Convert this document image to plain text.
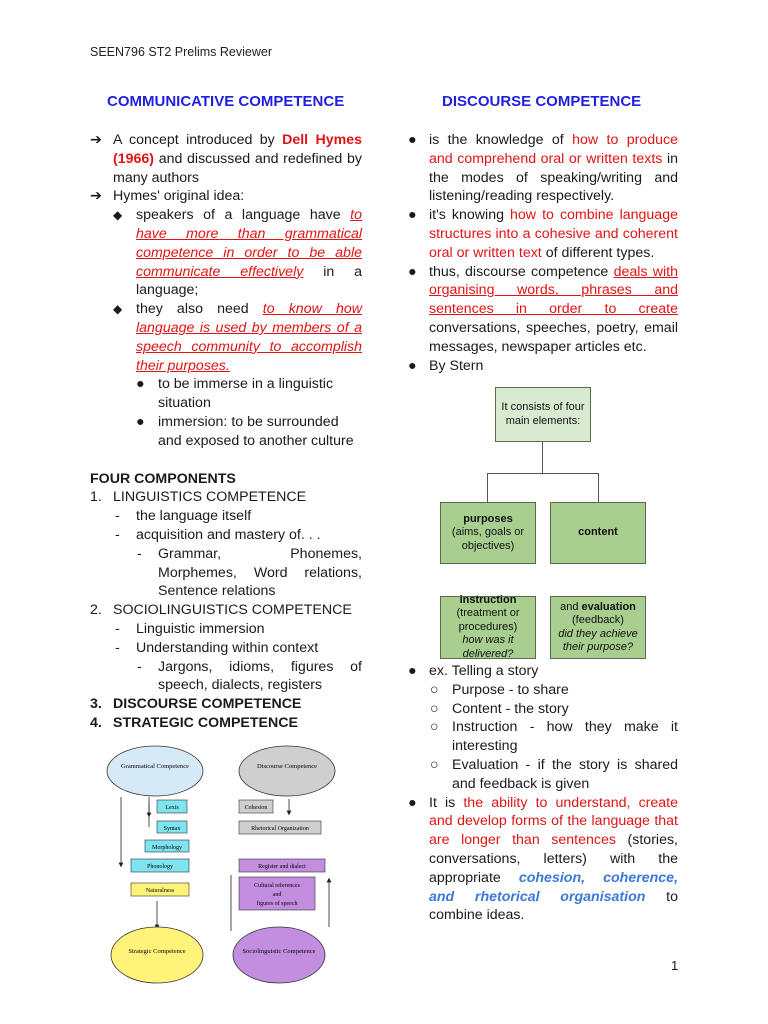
SEEN796 ST2 Prelims Reviewer
COMMUNICATIVE COMPETENCE	DISCOURSE COMPETENCE
➔ A concept introduced by Dell Hymes (1966) and discussed and redefined by many authors
➔ Hymes' original idea:
◆ speakers of a language have to have more than grammatical competence in order to be able communicate effectively in a language;
◆ they also need to know how language is used by members of a speech community to accomplish their purposes.
● to be immerse in a linguistic situation
● immersion: to be surrounded and exposed to another culture
FOUR COMPONENTS
1. LINGUISTICS COMPETENCE
- the language itself
- acquisition and mastery of. . .
- Grammar, Phonemes, Morphemes, Word relations, Sentence relations
2. SOCIOLINGUISTICS COMPETENCE
- Linguistic immersion
- Understanding within context
- Jargons, idioms, figures of speech, dialects, registers
3. DISCOURSE COMPETENCE
4. STRATEGIC COMPETENCE
● is the knowledge of how to produce and comprehend oral or written texts in the modes of speaking/writing and listening/reading respectively.
● it's knowing how to combine language structures into a cohesive and coherent oral or written text of different types.
● thus, discourse competence deals with organising words, phrases and sentences in order to create conversations, speeches, poetry, email messages, newspaper articles etc.
● By Stern
It consists of four main elements:
purposes
(aims, goals or objectives)
content
instruction
(treatment or procedures)
how was it delivered?
and evaluation
(feedback)
did they achieve their purpose?
● ex. Telling a story
○ Purpose - to share
○ Content - the story
○ Instruction - how they make it interesting
○ Evaluation - if the story is shared and feedback is given
● It is the ability to understand, create and develop forms of the language that are longer than sentences (stories, conversations, letters) with the appropriate cohesion, coherence, and rhetorical organisation to combine ideas.
Grammatical Competence	Discourse Competence
Lexis
Syntax
Morphology
Phonology
Naturalness
Cohesion
Rhetorical Organization
Register and dialect
Cultural references
and
figures of speech
Strategic Competence	Sociolinguistic Competence
1
